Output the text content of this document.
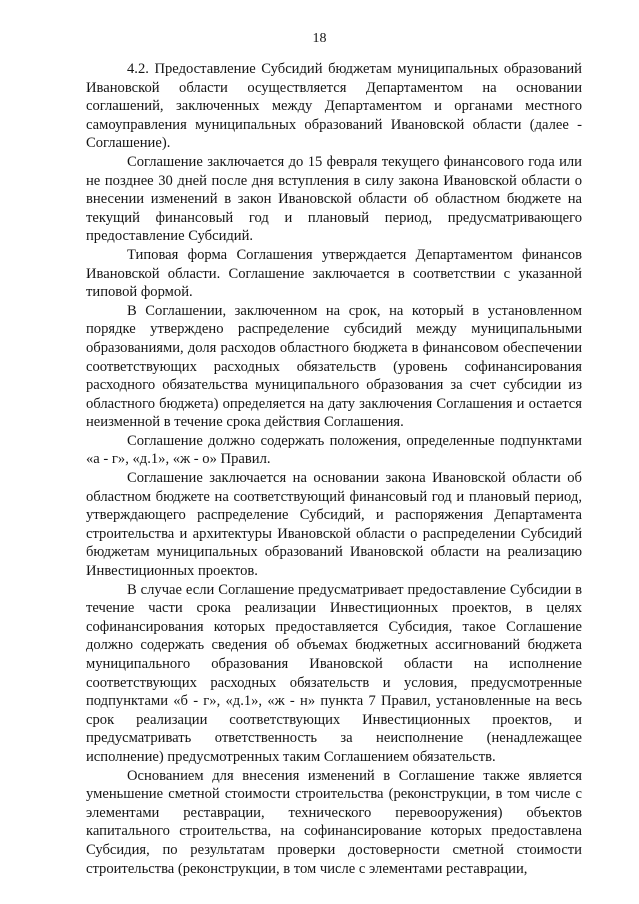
18

4.2. Предоставление Субсидий бюджетам муниципальных образований Ивановской области осуществляется Департаментом на основании соглашений, заключенных между Департаментом и органами местного самоуправления муниципальных образований Ивановской области (далее - Соглашение).

Соглашение заключается до 15 февраля текущего финансового года или не позднее 30 дней после дня вступления в силу закона Ивановской области о внесении изменений в закон Ивановской области об областном бюджете на текущий финансовый год и плановый период, предусматривающего предоставление Субсидий.

Типовая форма Соглашения утверждается Департаментом финансов Ивановской области. Соглашение заключается в соответствии с указанной типовой формой.

В Соглашении, заключенном на срок, на который в установленном порядке утверждено распределение субсидий между муниципальными образованиями, доля расходов областного бюджета в финансовом обеспечении соответствующих расходных обязательств (уровень софинансирования расходного обязательства муниципального образования за счет субсидии из областного бюджета) определяется на дату заключения Соглашения и остается неизменной в течение срока действия Соглашения.

Соглашение должно содержать положения, определенные подпунктами «а - г», «д.1», «ж - о» Правил.

Соглашение заключается на основании закона Ивановской области об областном бюджете на соответствующий финансовый год и плановый период, утверждающего распределение Субсидий, и распоряжения Департамента строительства и архитектуры Ивановской области о распределении Субсидий бюджетам муниципальных образований Ивановской области на реализацию Инвестиционных проектов.

В случае если Соглашение предусматривает предоставление Субсидии в течение части срока реализации Инвестиционных проектов, в целях софинансирования которых предоставляется Субсидия, такое Соглашение должно содержать сведения об объемах бюджетных ассигнований бюджета муниципального образования Ивановской области на исполнение соответствующих расходных обязательств и условия, предусмотренные подпунктами «б - г», «д.1», «ж - н» пункта 7 Правил, установленные на весь срок реализации соответствующих Инвестиционных проектов, и предусматривать ответственность за неисполнение (ненадлежащее исполнение) предусмотренных таким Соглашением обязательств.

Основанием для внесения изменений в Соглашение также является уменьшение сметной стоимости строительства (реконструкции, в том числе с элементами реставрации, технического перевооружения) объектов капитального строительства, на софинансирование которых предоставлена Субсидия, по результатам проверки достоверности сметной стоимости строительства (реконструкции, в том числе с элементами реставрации,
